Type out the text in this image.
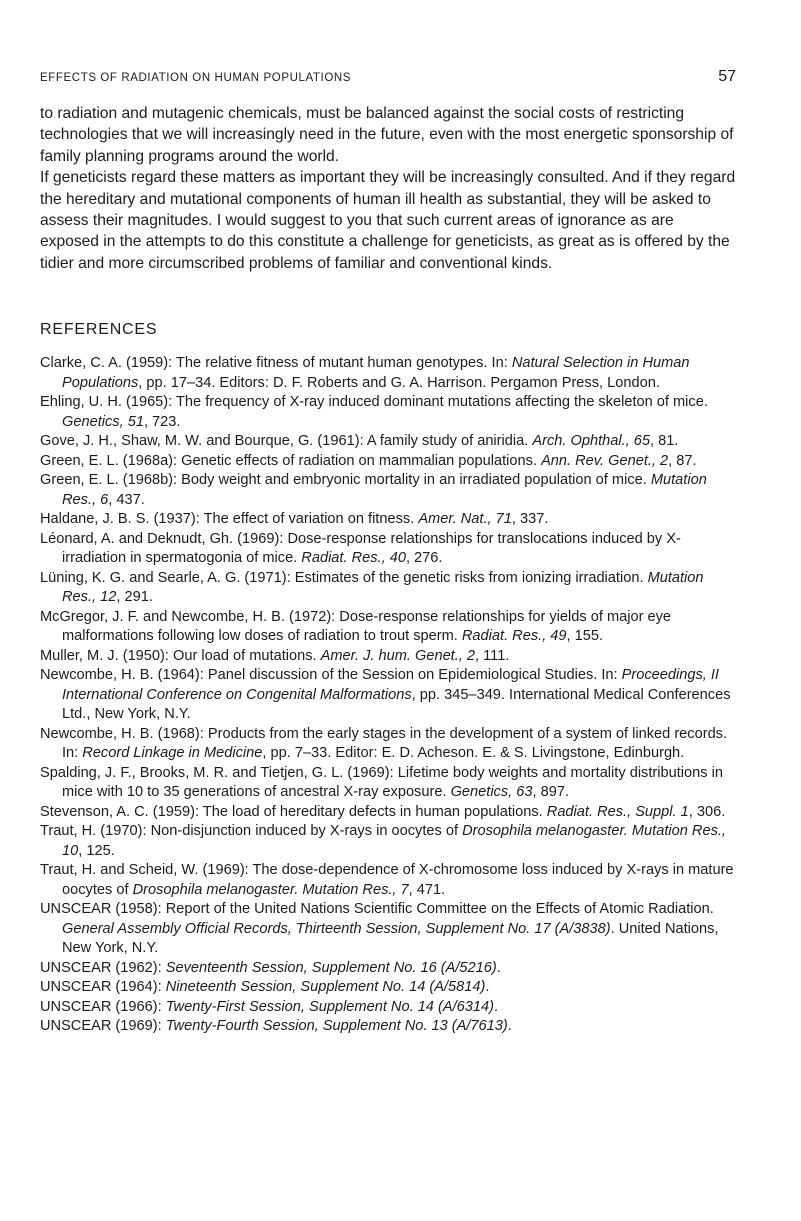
EFFECTS OF RADIATION ON HUMAN POPULATIONS	57

to radiation and mutagenic chemicals, must be balanced against the social costs of restricting technologies that we will increasingly need in the future, even with the most energetic sponsorship of family planning programs around the world.

If geneticists regard these matters as important they will be increasingly consulted. And if they regard the hereditary and mutational components of human ill health as substantial, they will be asked to assess their magnitudes. I would suggest to you that such current areas of ignorance as are exposed in the attempts to do this constitute a challenge for geneticists, as great as is offered by the tidier and more circumscribed problems of familiar and conventional kinds.

REFERENCES
Clarke, C. A. (1959): The relative fitness of mutant human genotypes. In: Natural Selection in Human Populations, pp. 17–34. Editors: D. F. Roberts and G. A. Harrison. Pergamon Press, London.
Ehling, U. H. (1965): The frequency of X-ray induced dominant mutations affecting the skeleton of mice. Genetics, 51, 723.
Gove, J. H., Shaw, M. W. and Bourque, G. (1961): A family study of aniridia. Arch. Ophthal., 65, 81.
Green, E. L. (1968a): Genetic effects of radiation on mammalian populations. Ann. Rev. Genet., 2, 87.
Green, E. L. (1968b): Body weight and embryonic mortality in an irradiated population of mice. Mutation Res., 6, 437.
Haldane, J. B. S. (1937): The effect of variation on fitness. Amer. Nat., 71, 337.
Léonard, A. and Deknudt, Gh. (1969): Dose-response relationships for translocations induced by X-irradiation in spermatogonia of mice. Radiat. Res., 40, 276.
Lüning, K. G. and Searle, A. G. (1971): Estimates of the genetic risks from ionizing irradiation. Mutation Res., 12, 291.
McGregor, J. F. and Newcombe, H. B. (1972): Dose-response relationships for yields of major eye malformations following low doses of radiation to trout sperm. Radiat. Res., 49, 155.
Muller, M. J. (1950): Our load of mutations. Amer. J. hum. Genet., 2, 111.
Newcombe, H. B. (1964): Panel discussion of the Session on Epidemiological Studies. In: Proceedings, II International Conference on Congenital Malformations, pp. 345–349. International Medical Conferences Ltd., New York, N.Y.
Newcombe, H. B. (1968): Products from the early stages in the development of a system of linked records. In: Record Linkage in Medicine, pp. 7–33. Editor: E. D. Acheson. E. & S. Livingstone, Edinburgh.
Spalding, J. F., Brooks, M. R. and Tietjen, G. L. (1969): Lifetime body weights and mortality distributions in mice with 10 to 35 generations of ancestral X-ray exposure. Genetics, 63, 897.
Stevenson, A. C. (1959): The load of hereditary defects in human populations. Radiat. Res., Suppl. 1, 306.
Traut, H. (1970): Non-disjunction induced by X-rays in oocytes of Drosophila melanogaster. Mutation Res., 10, 125.
Traut, H. and Scheid, W. (1969): The dose-dependence of X-chromosome loss induced by X-rays in mature oocytes of Drosophila melanogaster. Mutation Res., 7, 471.
UNSCEAR (1958): Report of the United Nations Scientific Committee on the Effects of Atomic Radiation. General Assembly Official Records, Thirteenth Session, Supplement No. 17 (A/3838). United Nations, New York, N.Y.
UNSCEAR (1962): Seventeenth Session, Supplement No. 16 (A/5216).
UNSCEAR (1964): Nineteenth Session, Supplement No. 14 (A/5814).
UNSCEAR (1966): Twenty-First Session, Supplement No. 14 (A/6314).
UNSCEAR (1969): Twenty-Fourth Session, Supplement No. 13 (A/7613).
